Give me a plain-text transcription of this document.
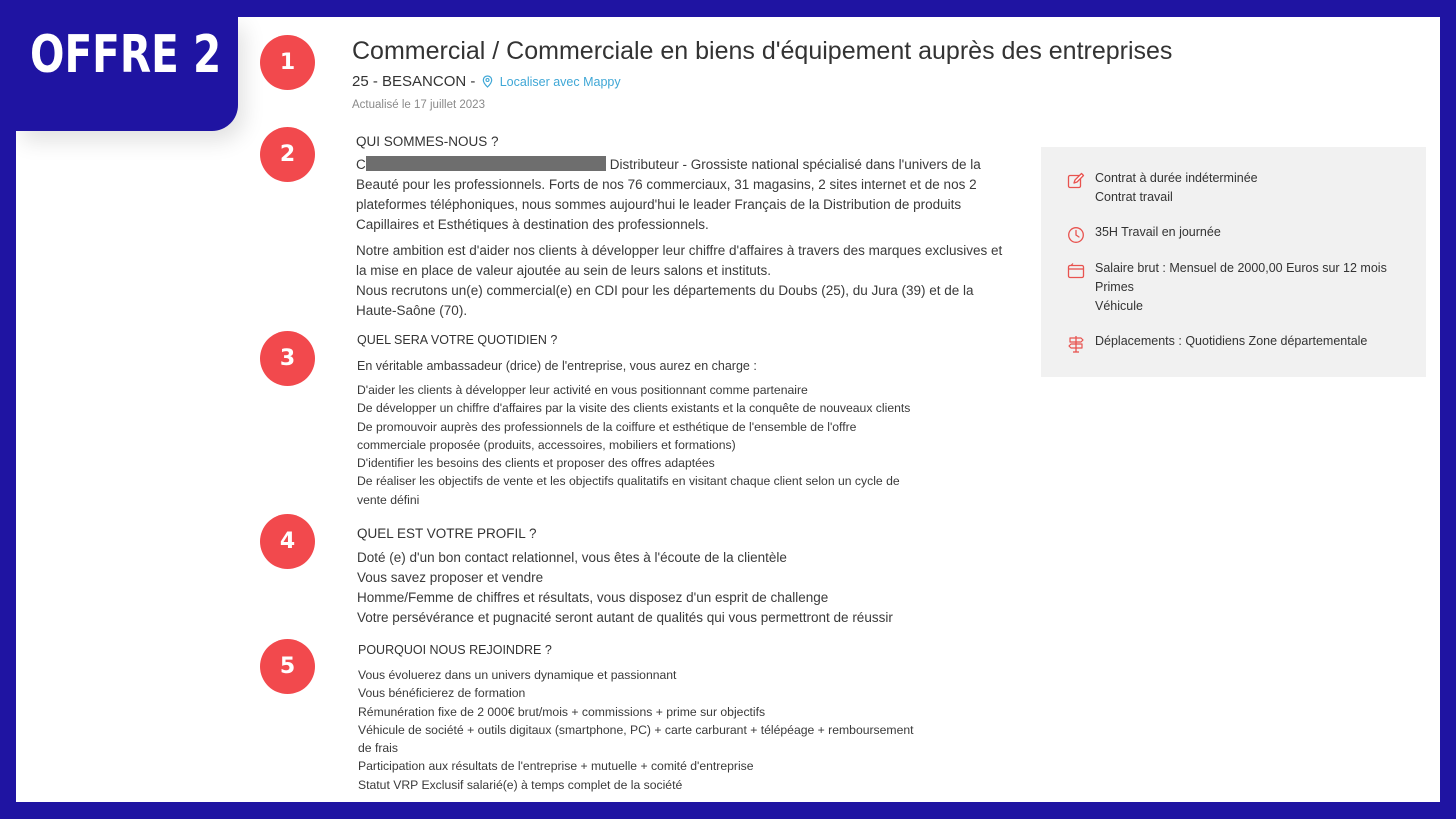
OFFRE 2	1
2
3
4
5
Commercial / Commerciale en biens d'équipement auprès des entreprises
25 - BESANCON - Localiser avec Mappy
Actualisé le 17 juillet 2023
QUI SOMMES-NOUS ?

C	Distributeur - Grossiste national spécialisé dans l'univers de la Beauté pour les professionnels. Forts de nos 76 commerciaux, 31 magasins, 2 sites internet et de nos 2 plateformes téléphoniques, nous sommes aujourd'hui le leader Français de la Distribution de produits Capillaires et Esthétiques à destination des professionnels.

Notre ambition est d'aider nos clients à développer leur chiffre d'affaires à travers des marques exclusives et la mise en place de valeur ajoutée au sein de leurs salons et instituts.

Nous recrutons un(e) commercial(e) en CDI pour les départements du Doubs (25), du Jura (39) et de la Haute-Saône (70).

QUEL SERA VOTRE QUOTIDIEN ?
En véritable ambassadeur (drice) de l'entreprise, vous aurez en charge :
D'aider les clients à développer leur activité en vous positionnant comme partenaire
De développer un chiffre d'affaires par la visite des clients existants et la conquête de nouveaux clients
De promouvoir auprès des professionnels de la coiffure et esthétique de l'ensemble de l'offre
commerciale proposée (produits, accessoires, mobiliers et formations)
D'identifier les besoins des clients et proposer des offres adaptées
De réaliser les objectifs de vente et les objectifs qualitatifs en visitant chaque client selon un cycle de
vente défini
QUEL EST VOTRE PROFIL ?
Doté (e) d'un bon contact relationnel, vous êtes à l'écoute de la clientèle
Vous savez proposer et vendre
Homme/Femme de chiffres et résultats, vous disposez d'un esprit de challenge
Votre persévérance et pugnacité seront autant de qualités qui vous permettront de réussir
POURQUOI NOUS REJOINDRE ?
Vous évoluerez dans un univers dynamique et passionnant
Vous bénéficierez de formation
Rémunération fixe de 2 000€ brut/mois + commissions + prime sur objectifs
Véhicule de société + outils digitaux (smartphone, PC) + carte carburant + télépéage + remboursement
de frais
Participation aux résultats de l'entreprise + mutuelle + comité d'entreprise
Statut VRP Exclusif salarié(e) à temps complet de la société
Contrat à durée indéterminée
Contrat travail
35H Travail en journée
Salaire brut : Mensuel de 2000,00 Euros sur 12 mois
Primes
Véhicule
Déplacements : Quotidiens Zone départementale
